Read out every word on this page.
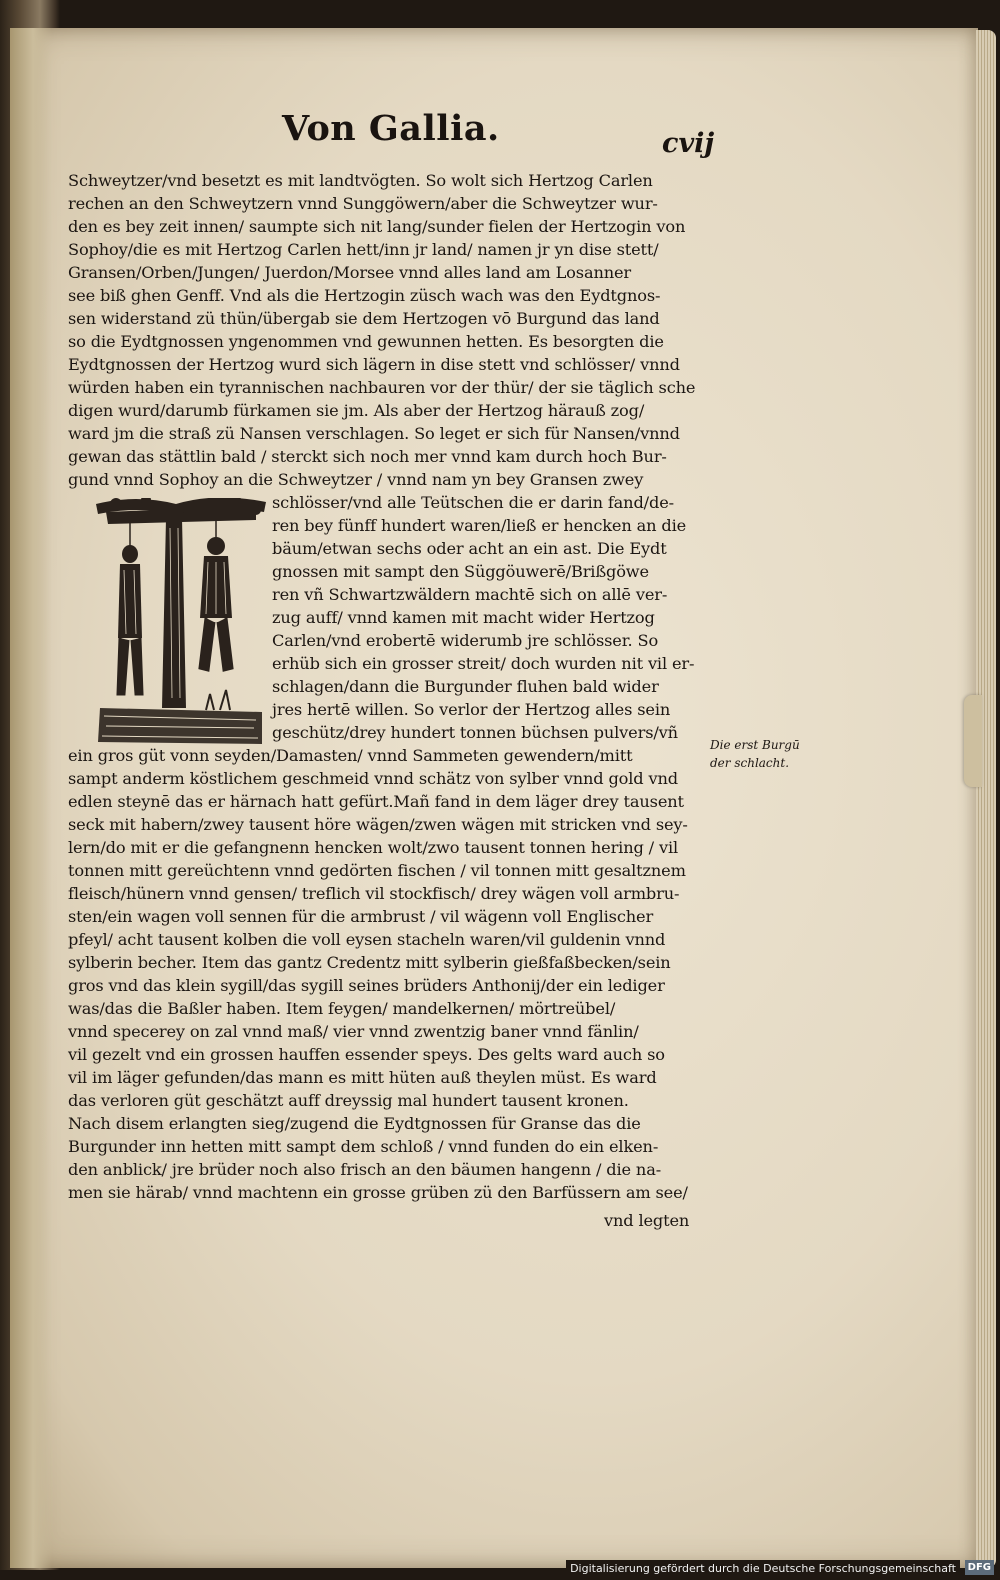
Von Gallia.	cvij
Schweytzer/vnd besetzt es mit landtvögten. So wolt sich Hertzog Carlen
rechen an den Schweytzern vnnd Sunggöwern/aber die Schweytzer wur-
den es bey zeit innen/ saumpte sich nit lang/sunder fielen der Hertzogin von
Sophoy/die es mit Hertzog Carlen hett/inn jr land/ namen jr yn dise stett/
Gransen/Orben/Jungen/ Juerdon/Morsee vnnd alles land am Losanner
see biß ghen Genff. Vnd als die Hertzogin züsch wach was den Eydtgnos-
sen widerstand zü thün/übergab sie dem Hertzogen vō Burgund das land
so die Eydtgnossen yngenommen vnd gewunnen hetten. Es besorgten die
Eydtgnossen der Hertzog wurd sich lägern in dise stett vnd schlösser/ vnnd
würden haben ein tyrannischen nachbauren vor der thür/ der sie täglich sche
digen wurd/darumb fürkamen sie jm. Als aber der Hertzog härauß zog/
ward jm die straß zü Nansen verschlagen. So leget er sich für Nansen/vnnd
gewan das stättlin bald / sterckt sich noch mer vnnd kam durch hoch Bur-
gund vnnd Sophoy an die Schweytzer / vnnd nam yn bey Gransen zwey
schlösser/vnd alle Teütschen die er darin fand/de-
ren bey fünff hundert waren/ließ er hencken an die
bäum/etwan sechs oder acht an ein ast. Die Eydt
gnossen mit sampt den Süggöuwerē/Brißgöwe
ren vñ Schwartzwäldern machtē sich on allē ver-
zug auff/ vnnd kamen mit macht wider Hertzog
Carlen/vnd erobertē widerumb jre schlösser. So
erhüb sich ein grosser streit/ doch wurden nit vil er-
schlagen/dann die Burgunder fluhen bald wider
jres hertē willen. So verlor der Hertzog alles sein
geschütz/drey hundert tonnen büchsen pulvers/vñ
ein gros güt vonn seyden/Damasten/ vnnd Sammeten gewendern/mitt
sampt anderm köstlichem geschmeid vnnd schätz von sylber vnnd gold vnd
edlen steynē das er härnach hatt gefürt.Mañ fand in dem läger drey tausent
seck mit habern/zwey tausent höre wägen/zwen wägen mit stricken vnd sey-
lern/do mit er die gefangnenn hencken wolt/zwo tausent tonnen hering / vil
tonnen mitt gereüchtenn vnnd gedörten fischen / vil tonnen mitt gesaltznem
fleisch/hünern vnnd gensen/ treflich vil stockfisch/ drey wägen voll armbru-
sten/ein wagen voll sennen für die armbrust / vil wägenn voll Englischer
pfeyl/ acht tausent kolben die voll eysen stacheln waren/vil guldenin vnnd
sylberin becher. Item das gantz Credentz mitt sylberin gießfaßbecken/sein
gros vnd das klein sygill/das sygill seines brüders Anthonij/der ein lediger
was/das die Baßler haben. Item feygen/ mandelkernen/ mörtreübel/
vnnd specerey on zal vnnd maß/ vier vnnd zwentzig baner vnnd fänlin/
vil gezelt vnd ein grossen hauffen essender speys. Des gelts ward auch so
vil im läger gefunden/das mann es mitt hüten auß theylen müst. Es ward
das verloren güt geschätzt auff dreyssig mal hundert tausent kronen.
Nach disem erlangten sieg/zugend die Eydtgnossen für Granse das die
Burgunder inn hetten mitt sampt dem schloß / vnnd funden do ein elken-
den anblick/ jre brüder noch also frisch an den bäumen hangenn / die na-
men sie härab/ vnnd machtenn ein grosse grüben zü den Barfüssern am see/
vnd legten
Die erst Burgū
der schlacht.
Digitalisierung gefördert durch die Deutsche Forschungsgemeinschaft	DFG
